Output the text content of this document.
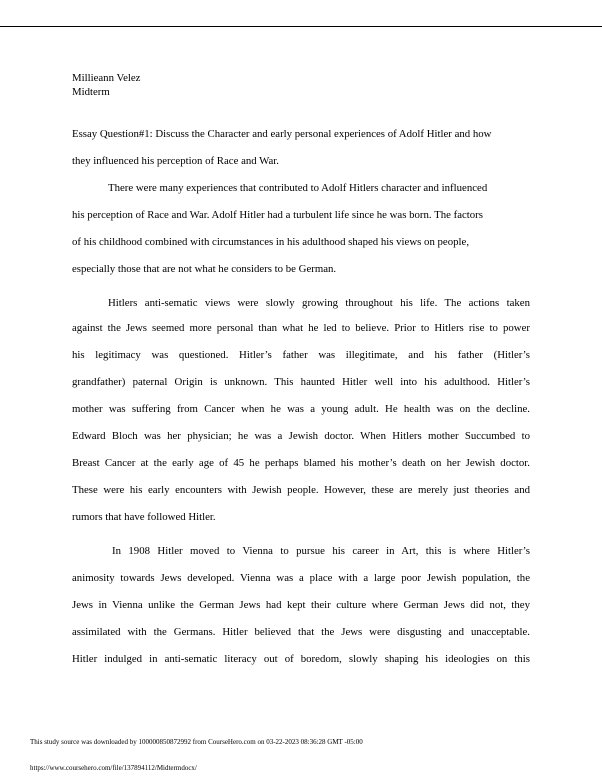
Millieann Velez
Midterm
Essay Question#1: Discuss the Character and early personal experiences of Adolf Hitler and how
they influenced his perception of Race and War.
There were many experiences that contributed to Adolf Hitlers character and influenced
his perception of Race and War. Adolf Hitler had a turbulent life since he was born. The factors
of his childhood combined with circumstances in his adulthood shaped his views on people,
especially those that are not what he considers to be German.
Hitlers anti-sematic views were slowly growing throughout his life. The actions taken
against the Jews seemed more personal than what he led to believe. Prior to Hitlers rise to power
his legitimacy was questioned. Hitler’s father was illegitimate, and his father (Hitler’s
grandfather) paternal Origin is unknown. This haunted Hitler well into his adulthood. Hitler’s
mother was suffering from Cancer when he was a young adult. He health was on the decline.
Edward Bloch was her physician; he was a Jewish doctor. When Hitlers mother Succumbed to
Breast Cancer at the early age of 45 he perhaps blamed his mother’s death on her Jewish doctor.
These were his early encounters with Jewish people. However, these are merely just theories and
rumors that have followed Hitler.
In 1908 Hitler moved to Vienna to pursue his career in Art, this is where Hitler’s
animosity towards Jews developed. Vienna was a place with a large poor Jewish population, the
Jews in Vienna unlike the German Jews had kept their culture where German Jews did not, they
assimilated with the Germans. Hitler believed that the Jews were disgusting and unacceptable.
Hitler indulged in anti-sematic literacy out of boredom, slowly shaping his ideologies on this
This study source was downloaded by 100000850872992 from CourseHero.com on 03-22-2023 08:36:28 GMT -05:00
https://www.coursehero.com/file/137894112/Midtermdocx/
